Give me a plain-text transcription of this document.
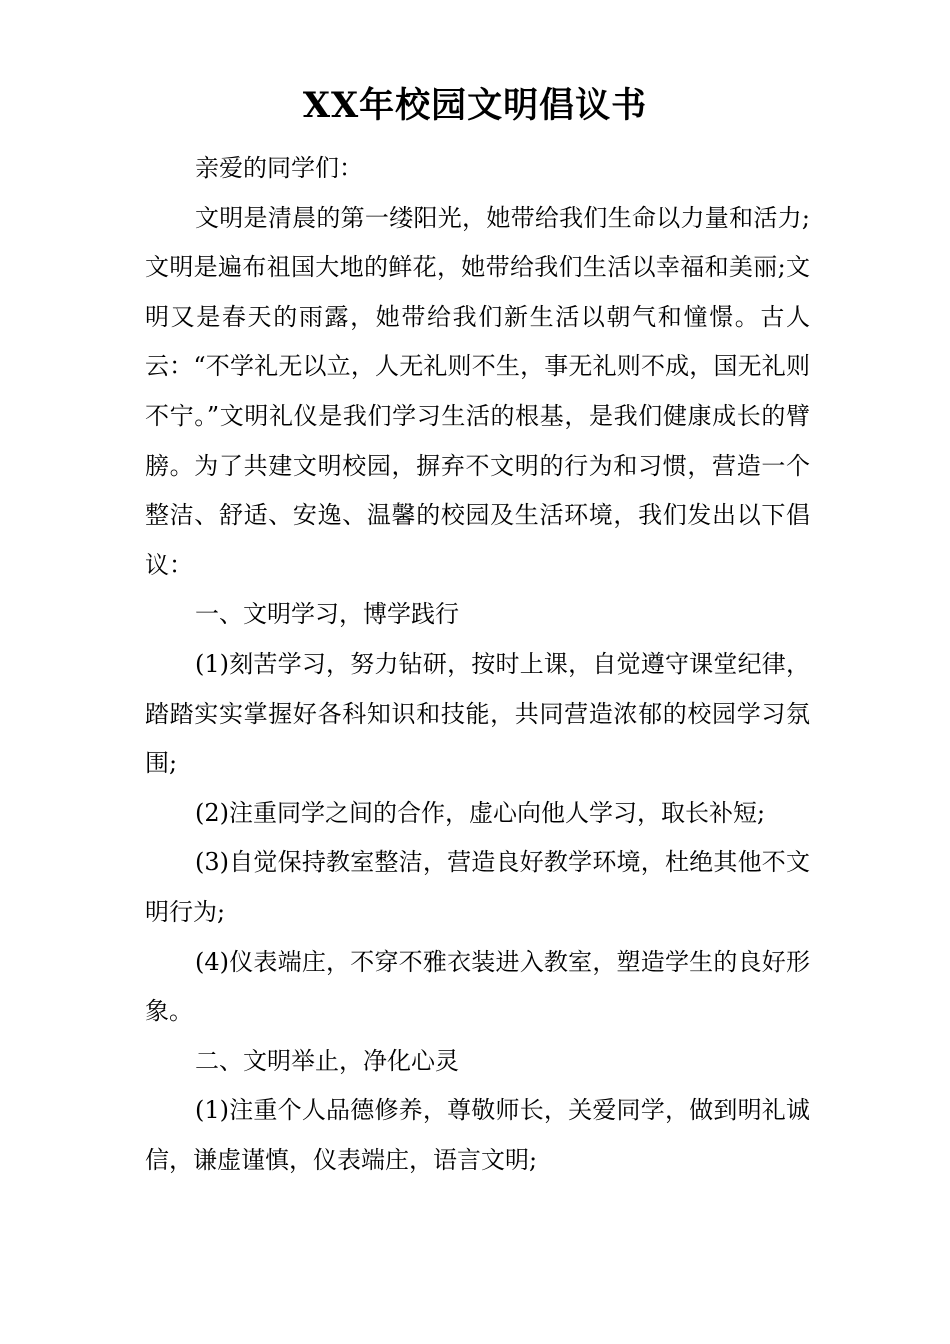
XX年校园文明倡议书

亲爱的同学们：

文明是清晨的第一缕阳光，她带给我们生命以力量和活力;文明是遍布祖国大地的鲜花，她带给我们生活以幸福和美丽;文明又是春天的雨露，她带给我们新生活以朝气和憧憬。古人云：“不学礼无以立，人无礼则不生，事无礼则不成，国无礼则不宁。”文明礼仪是我们学习生活的根基，是我们健康成长的臂膀。为了共建文明校园，摒弃不文明的行为和习惯，营造一个整洁、舒适、安逸、温馨的校园及生活环境，我们发出以下倡议：

一、文明学习，博学践行

(1)刻苦学习，努力钻研，按时上课，自觉遵守课堂纪律，踏踏实实掌握好各科知识和技能，共同营造浓郁的校园学习氛围;

(2)注重同学之间的合作，虚心向他人学习，取长补短;

(3)自觉保持教室整洁，营造良好教学环境，杜绝其他不文明行为;

(4)仪表端庄，不穿不雅衣装进入教室，塑造学生的良好形象。

二、文明举止，净化心灵

(1)注重个人品德修养，尊敬师长，关爱同学，做到明礼诚信，谦虚谨慎，仪表端庄，语言文明;
